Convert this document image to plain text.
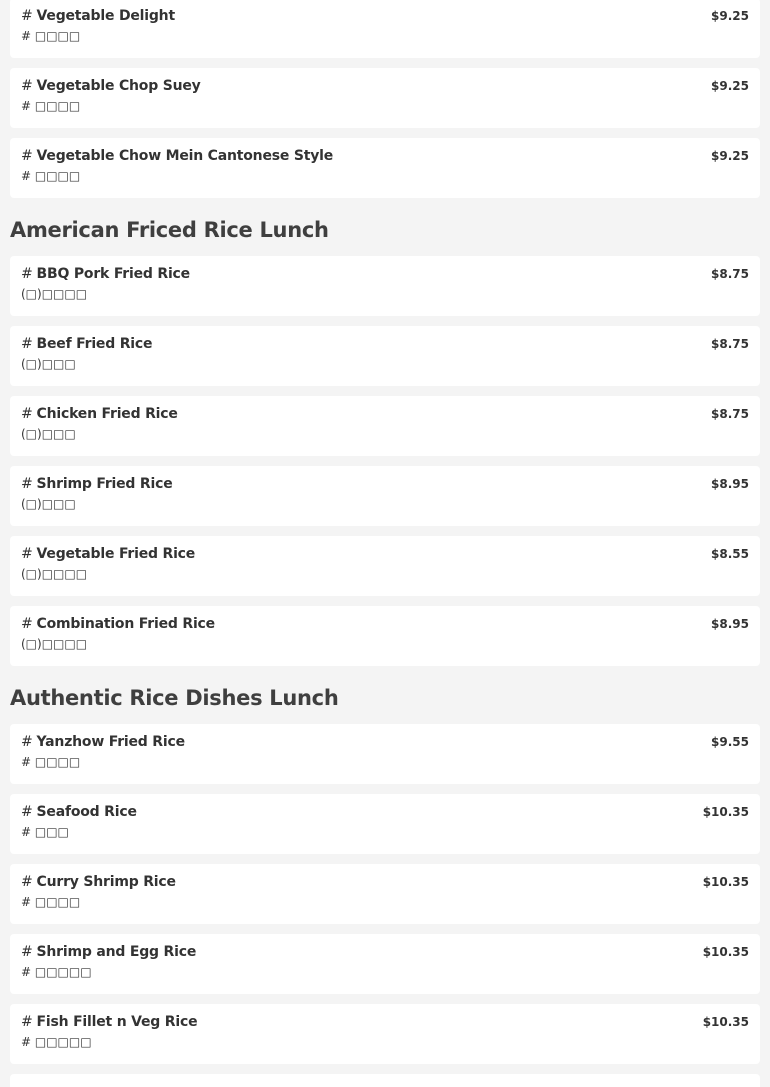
# Vegetable Delight
# □□□□
$9.25
# Vegetable Chop Suey
# □□□□
$9.25
# Vegetable Chow Mein Cantonese Style
# □□□□
$9.25
American Friced Rice Lunch
# BBQ Pork Fried Rice
(□)□□□□
$8.75
# Beef Fried Rice
(□)□□□
$8.75
# Chicken Fried Rice
(□)□□□
$8.75
# Shrimp Fried Rice
(□)□□□
$8.95
# Vegetable Fried Rice
(□)□□□□
$8.55
# Combination Fried Rice
(□)□□□□
$8.95
Authentic Rice Dishes Lunch
# Yanzhow Fried Rice
# □□□□
$9.55
# Seafood Rice
# □□□
$10.35
# Curry Shrimp Rice
# □□□□
$10.35
# Shrimp and Egg Rice
# □□□□□
$10.35
# Fish Fillet n Veg Rice
# □□□□□
$10.35
